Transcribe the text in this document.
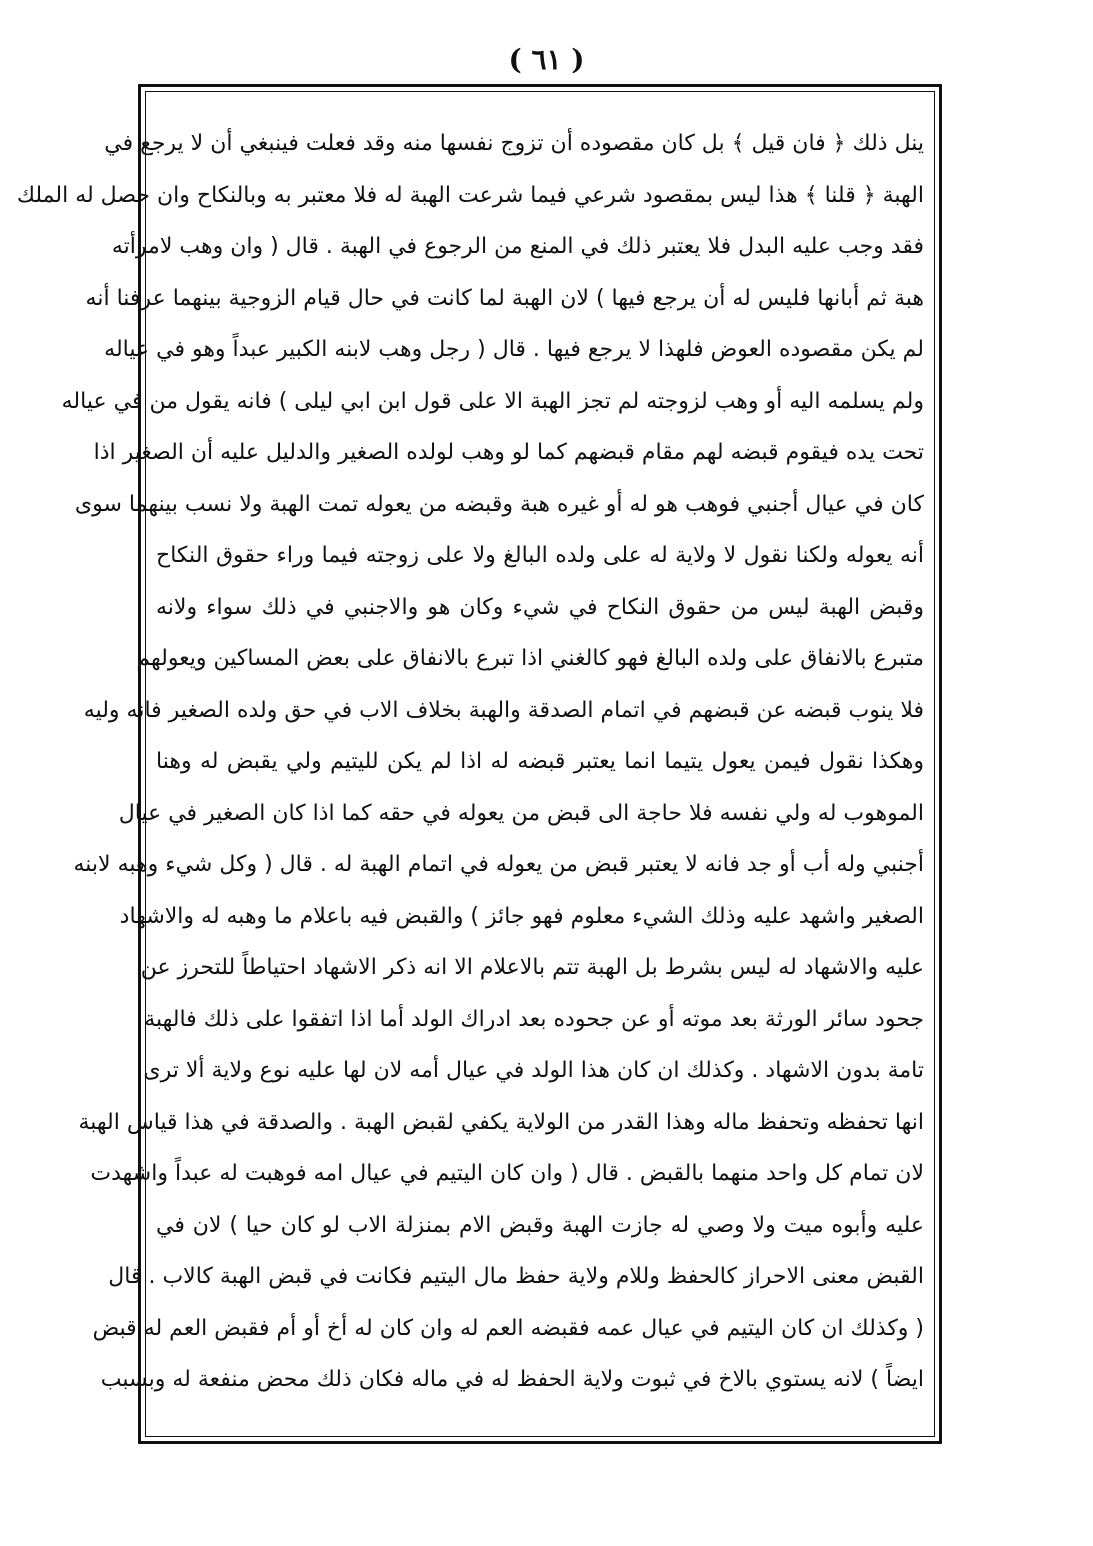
( ٦١ )
ينل ذلك ﴿ فان قيل ﴾ بل كان مقصوده أن تزوج نفسها منه وقد فعلت فينبغي أن لا يرجع في
الهبة ﴿ قلنا ﴾ هذا ليس بمقصود شرعي فيما شرعت الهبة له فلا معتبر به وبالنكاح وان حصل له الملك
فقد وجب عليه البدل فلا يعتبر ذلك في المنع من الرجوع في الهبة . قال ( وان وهب لامرأته
هبة ثم أبانها فليس له أن يرجع فيها ) لان الهبة لما كانت في حال قيام الزوجية بينهما عرفنا أنه
لم يكن مقصوده العوض فلهذا لا يرجع فيها . قال ( رجل وهب لابنه الكبير عبداً وهو في عياله
ولم يسلمه اليه أو وهب لزوجته لم تجز الهبة الا على قول ابن ابي ليلى ) فانه يقول من في عياله
تحت يده فيقوم قبضه لهم مقام قبضهم كما لو وهب لولده الصغير والدليل عليه أن الصغير اذا
كان في عيال أجنبي فوهب هو له أو غيره هبة وقبضه من يعوله تمت الهبة ولا نسب بينهما سوى
أنه يعوله ولكنا نقول لا ولاية له على ولده البالغ ولا على زوجته فيما وراء حقوق النكاح
وقبض الهبة ليس من حقوق النكاح في شيء وكان هو والاجنبي في ذلك سواء ولانه
متبرع بالانفاق على ولده البالغ فهو كالغني اذا تبرع بالانفاق على بعض المساكين ويعولهم
فلا ينوب قبضه عن قبضهم في اتمام الصدقة والهبة بخلاف الاب في حق ولده الصغير فانه وليه
وهكذا نقول فيمن يعول يتيما انما يعتبر قبضه له اذا لم يكن لليتيم ولي يقبض له وهنا
الموهوب له ولي نفسه فلا حاجة الى قبض من يعوله في حقه كما اذا كان الصغير في عيال
أجنبي وله أب أو جد فانه لا يعتبر قبض من يعوله في اتمام الهبة له . قال ( وكل شيء وهبه لابنه
الصغير واشهد عليه وذلك الشيء معلوم فهو جائز ) والقبض فيه باعلام ما وهبه له والاشهاد
عليه والاشهاد له ليس بشرط بل الهبة تتم بالاعلام الا انه ذكر الاشهاد احتياطاً للتحرز عن
جحود سائر الورثة بعد موته أو عن جحوده بعد ادراك الولد أما اذا اتفقوا على ذلك فالهبة
تامة بدون الاشهاد . وكذلك ان كان هذا الولد في عيال أمه لان لها عليه نوع ولاية ألا ترى
انها تحفظه وتحفظ ماله وهذا القدر من الولاية يكفي لقبض الهبة . والصدقة في هذا قياس الهبة
لان تمام كل واحد منهما بالقبض . قال ( وان كان اليتيم في عيال امه فوهبت له عبداً واشهدت
عليه وأبوه ميت ولا وصي له جازت الهبة وقبض الام بمنزلة الاب لو كان حيا ) لان في
القبض معنى الاحراز كالحفظ وللام ولاية حفظ مال اليتيم فكانت في قبض الهبة كالاب . قال
( وكذلك ان كان اليتيم في عيال عمه فقبضه العم له وان كان له أخ أو أم فقبض العم له قبض
ايضاً ) لانه يستوي بالاخ في ثبوت ولاية الحفظ له في ماله فكان ذلك محض منفعة له وبسبب
